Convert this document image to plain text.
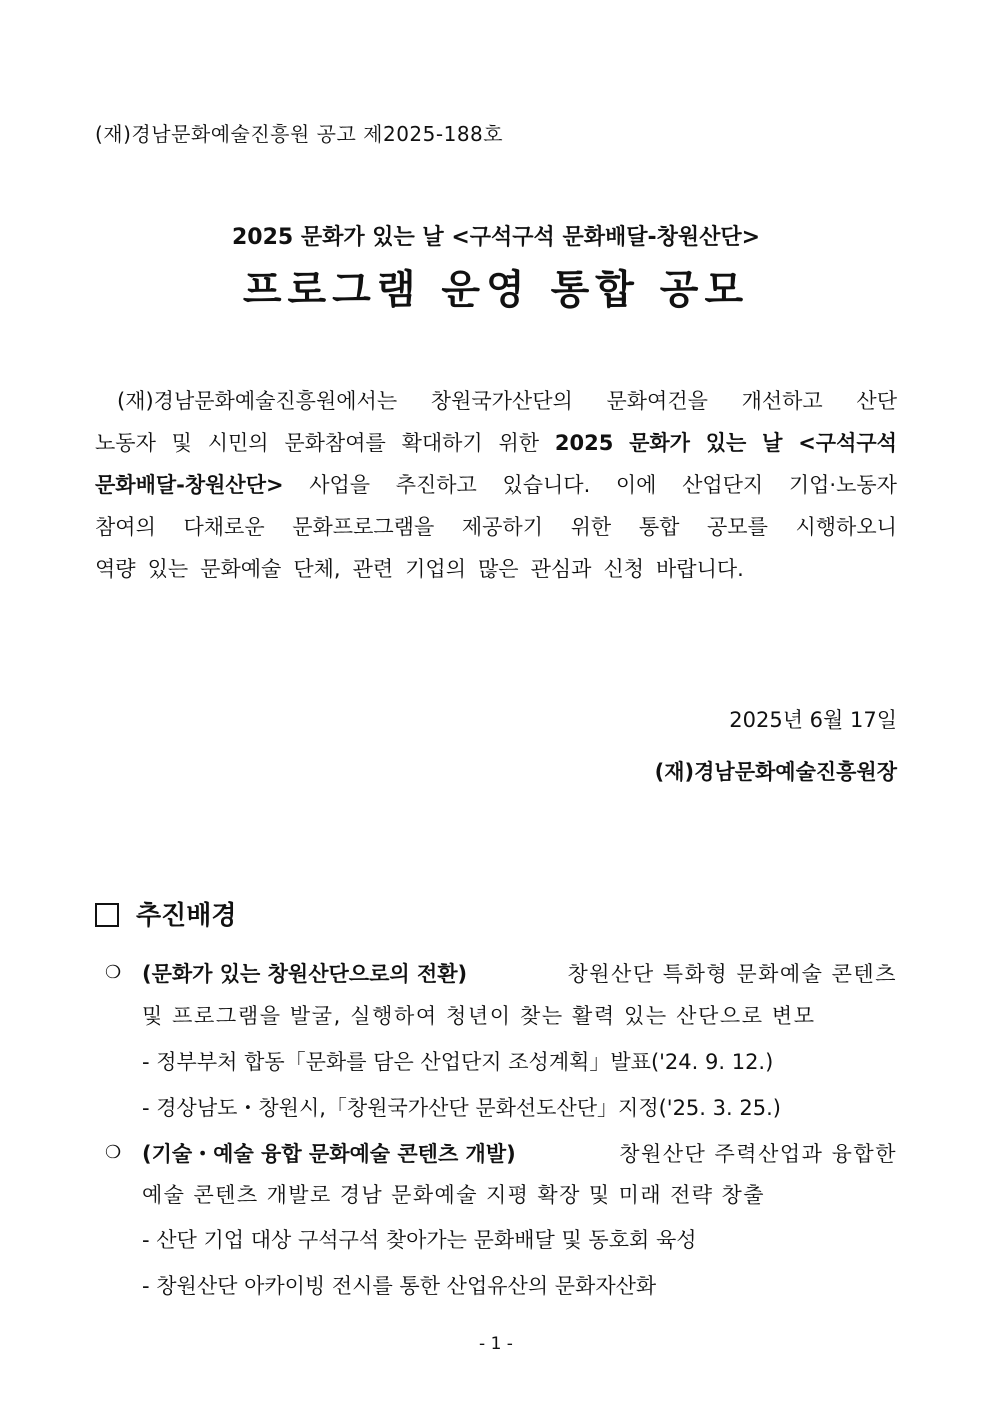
(재)경남문화예술진흥원 공고 제2025-188호
2025 문화가 있는 날 <구석구석 문화배달-창원산단>
프로그램 운영 통합 공모
(재)경남문화예술진흥원에서는 창원국가산단의 문화여건을 개선하고 산단
노동자 및 시민의 문화참여를 확대하기 위한 2025 문화가 있는 날 <구석구석
문화배달-창원산단> 사업을 추진하고 있습니다. 이에 산업단지 기업·노동자
참여의 다채로운 문화프로그램을 제공하기 위한 통합 공모를 시행하오니
역량 있는 문화예술 단체, 관련 기업의 많은 관심과 신청 바랍니다.
2025년 6월 17일
(재)경남문화예술진흥원장
추진배경
❍ (문화가 있는 창원산단으로의 전환)	창원산단 특화형 문화예술 콘텐츠
및 프로그램을 발굴, 실행하여 청년이 찾는 활력 있는 산단으로 변모
- 정부부처 합동「문화를 담은 산업단지 조성계획」발표('24. 9. 12.)
- 경상남도・창원시,「창원국가산단 문화선도산단」지정('25. 3. 25.)
❍ (기술・예술 융합 문화예술 콘텐츠 개발)	창원산단 주력산업과 융합한
예술 콘텐츠 개발로 경남 문화예술 지평 확장 및 미래 전략 창출
- 산단 기업 대상 구석구석 찾아가는 문화배달 및 동호회 육성
- 창원산단 아카이빙 전시를 통한 산업유산의 문화자산화
- 1 -
